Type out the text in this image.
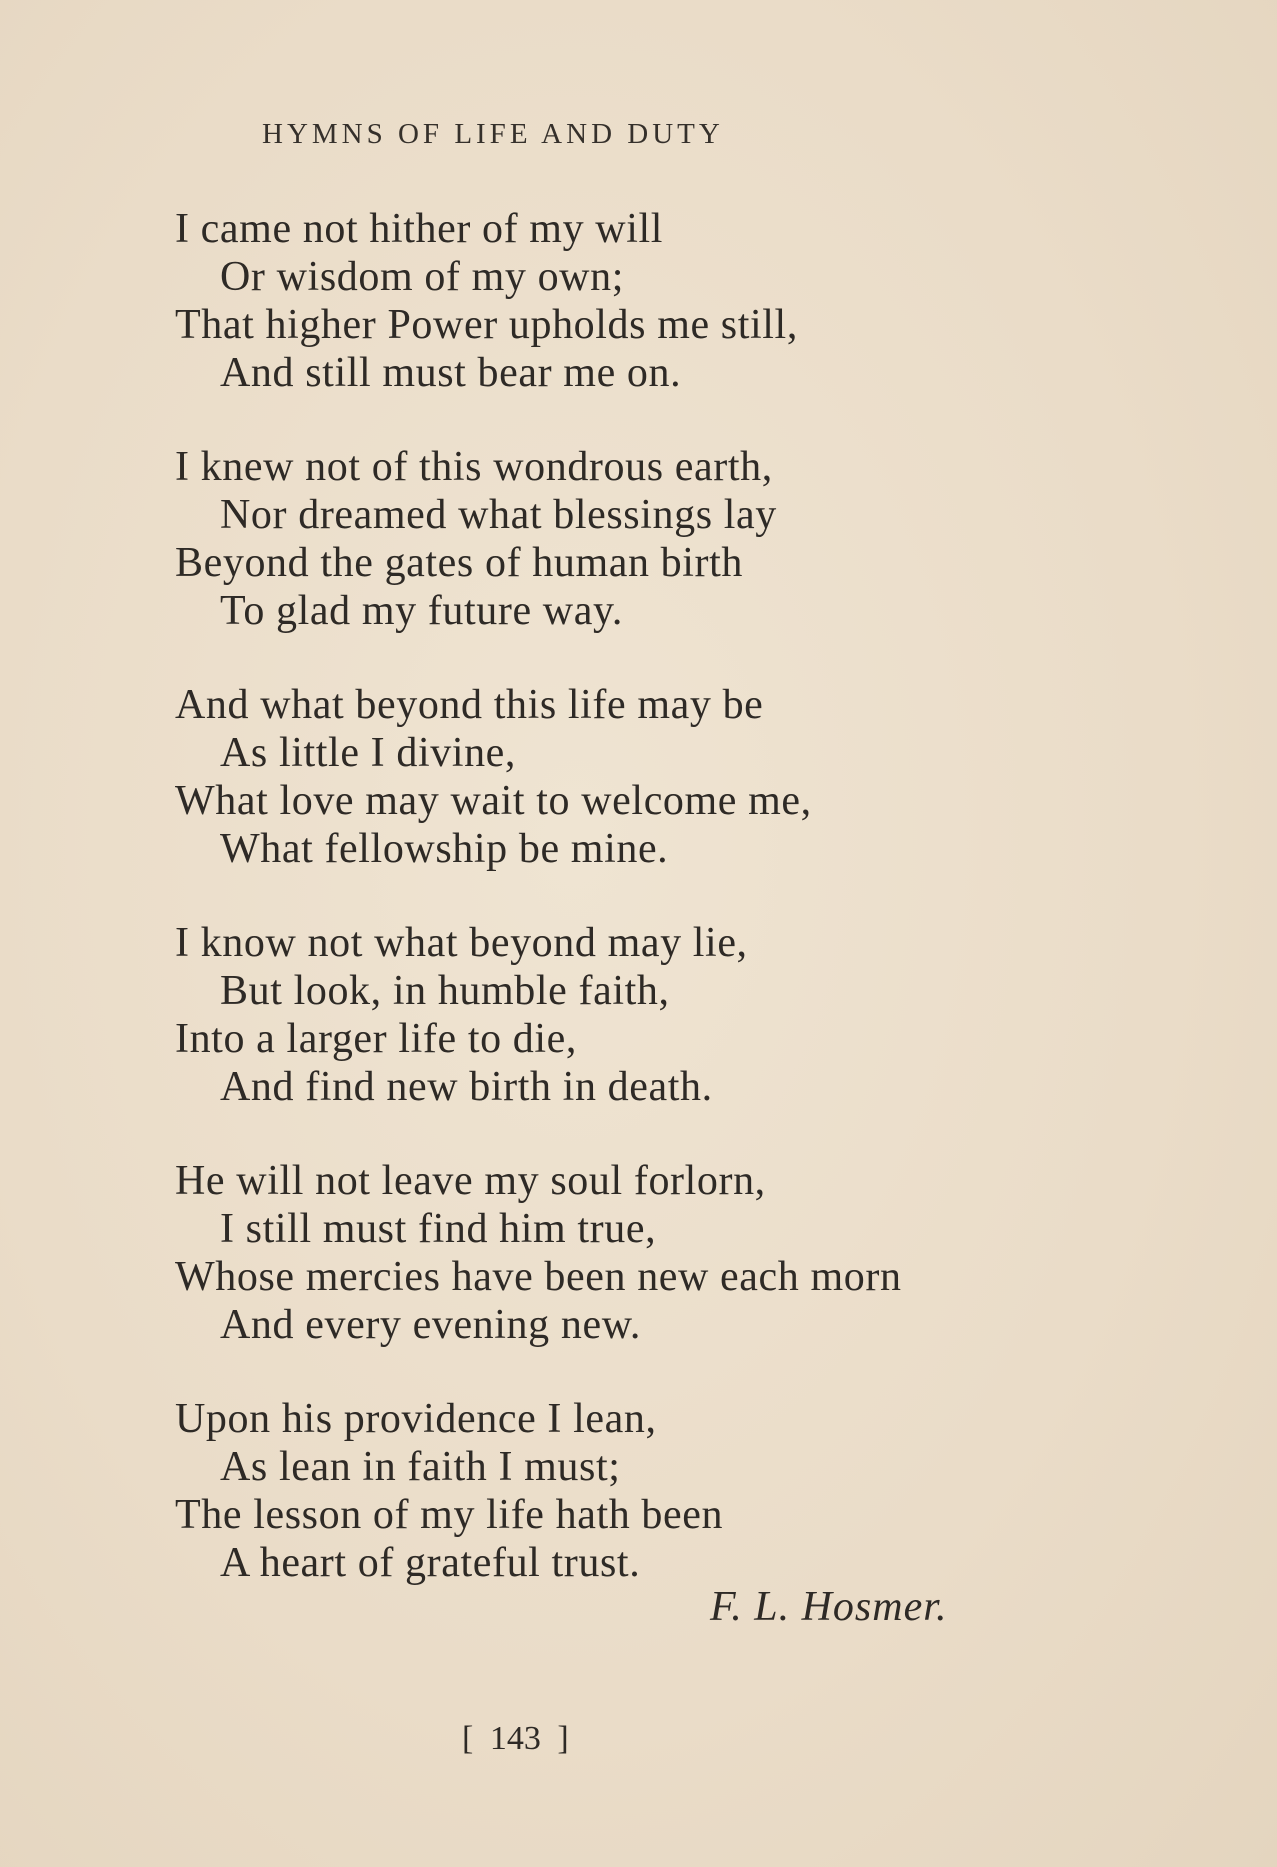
HYMNS OF LIFE AND DUTY
I came not hither of my will
Or wisdom of my own;
That higher Power upholds me still,
And still must bear me on.
I knew not of this wondrous earth,
Nor dreamed what blessings lay
Beyond the gates of human birth
To glad my future way.
And what beyond this life may be
As little I divine,
What love may wait to welcome me,
What fellowship be mine.
I know not what beyond may lie,
But look, in humble faith,
Into a larger life to die,
And find new birth in death.
He will not leave my soul forlorn,
I still must find him true,
Whose mercies have been new each morn
And every evening new.
Upon his providence I lean,
As lean in faith I must;
The lesson of my life hath been
A heart of grateful trust.
F. L. Hosmer.
[ 143 ]
